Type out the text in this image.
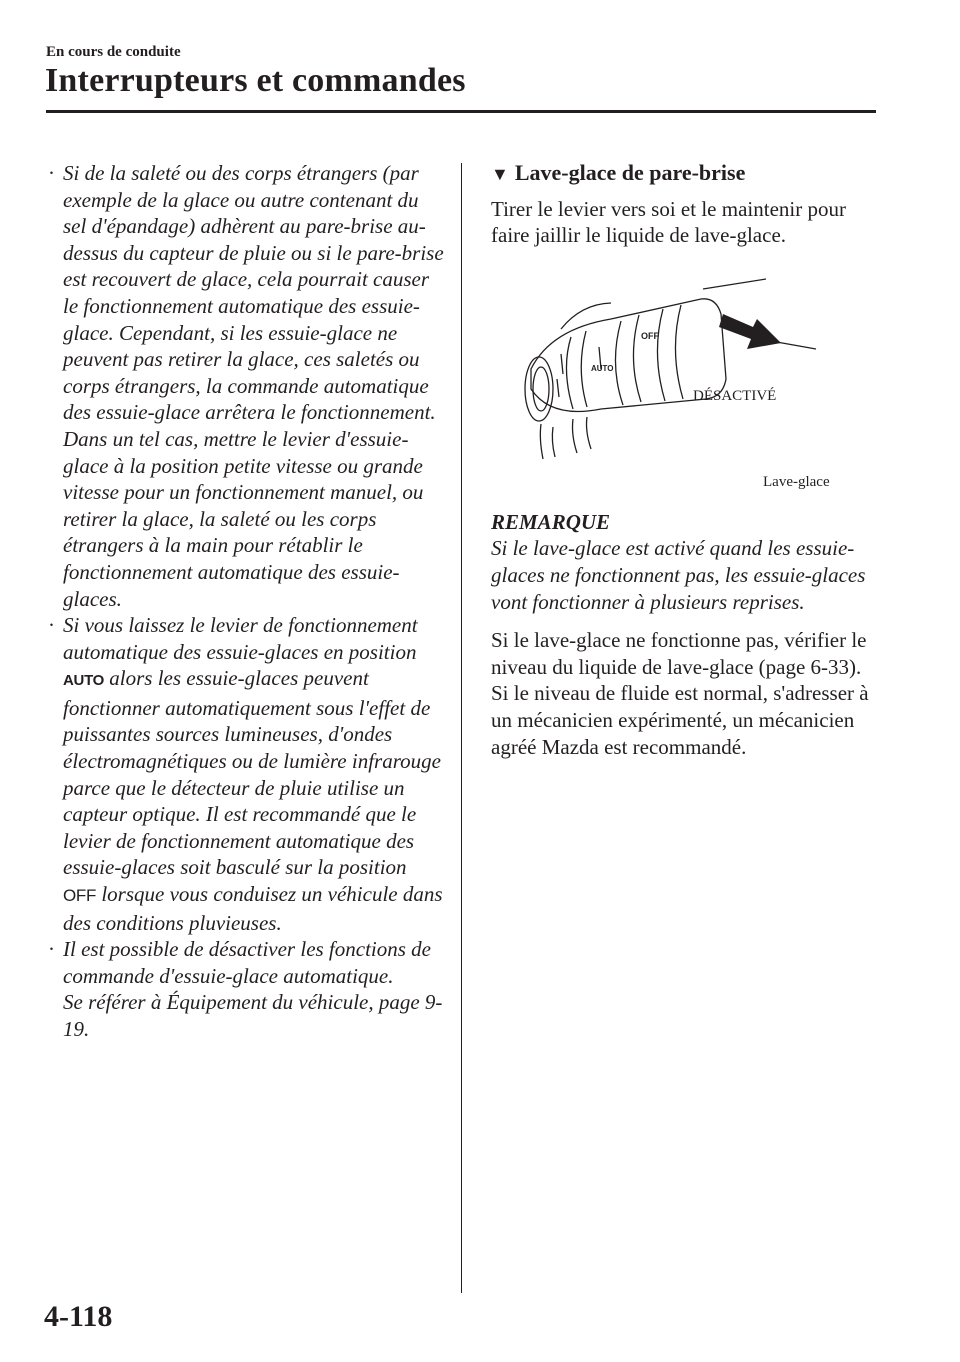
En cours de conduite
Interrupteurs et commandes
· Si de la saleté ou des corps étrangers (par exemple de la glace ou autre contenant du sel d'épandage) adhèrent au pare-brise au-dessus du capteur de pluie ou si le pare-brise est recouvert de glace, cela pourrait causer le fonctionnement automatique des essuie-glace. Cependant, si les essuie-glace ne peuvent pas retirer la glace, ces saletés ou corps étrangers, la commande automatique des essuie-glace arrêtera le fonctionnement. Dans un tel cas, mettre le levier d'essuie-glace à la position petite vitesse ou grande vitesse pour un fonctionnement manuel, ou retirer la glace, la saleté ou les corps étrangers à la main pour rétablir le fonctionnement automatique des essuie-glaces.
· Si vous laissez le levier de fonctionnement automatique des essuie-glaces en position AUTO alors les essuie-glaces peuvent fonctionner automatiquement sous l'effet de puissantes sources lumineuses, d'ondes électromagnétiques ou de lumière infrarouge parce que le détecteur de pluie utilise un capteur optique. Il est recommandé que le levier de fonctionnement automatique des essuie-glaces soit basculé sur la position
OFF lorsque vous conduisez un véhicule dans des conditions pluvieuses.
· Il est possible de désactiver les fonctions de commande d'essuie-glace automatique.
Se référer à Équipement du véhicule, page 9-19.
▼ Lave-glace de pare-brise

Tirer le levier vers soi et le maintenir pour faire jaillir le liquide de lave-glace.

OFF
AUTO
DÉSACTIVÉ
Lave-glace

REMARQUE

Si le lave-glace est activé quand les essuie-glaces ne fonctionnent pas, les essuie-glaces vont fonctionner à plusieurs reprises.

Si le lave-glace ne fonctionne pas, vérifier le niveau du liquide de lave-glace (page 6-33). Si le niveau de fluide est normal, s'adresser à un mécanicien expérimenté, un mécanicien agréé Mazda est recommandé.

4-118
